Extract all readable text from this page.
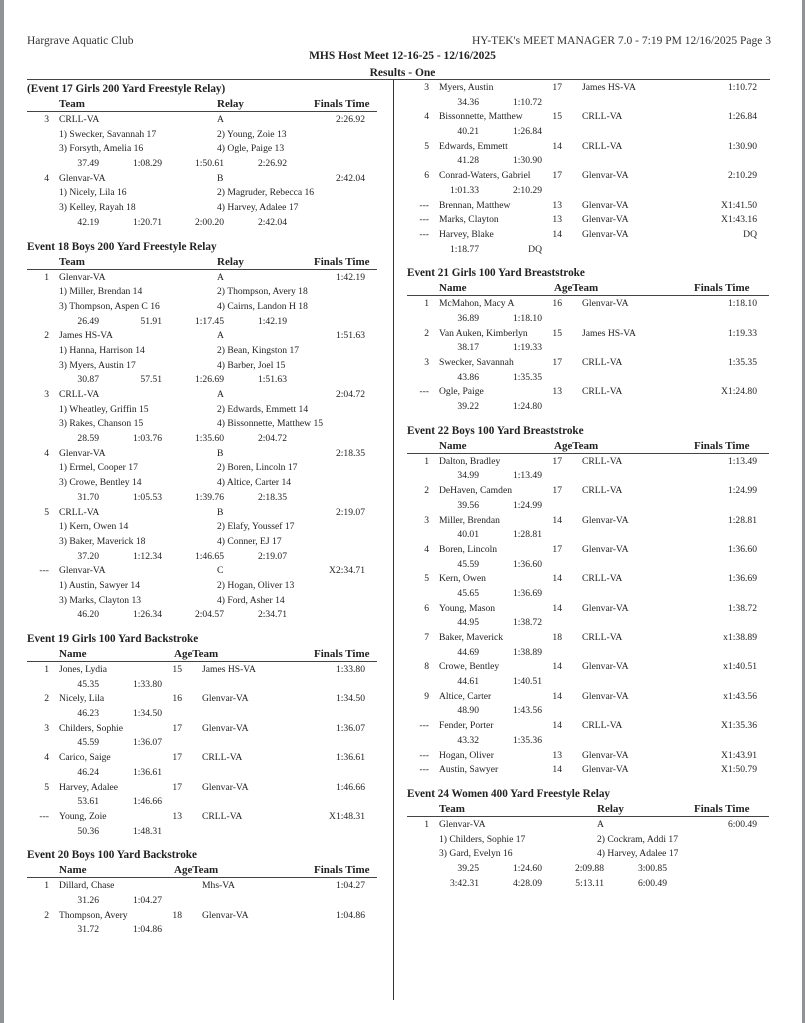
Hargrave Aquatic Club	HY-TEK's MEET MANAGER 7.0 - 7:19 PM 12/16/2025 Page 3
MHS Host Meet 12-16-25 - 12/16/2025
Results - One
(Event 17 Girls 200 Yard Freestyle Relay)
Team	Relay	Finals Time
3 CRLL-VA	A	2:26.92
1) Swecker, Savannah 17	2) Young, Zoie 13
3) Forsyth, Amelia 16	4) Ogle, Paige 13
37.49	1:08.29	1:50.61	2:26.92
4 Glenvar-VA	B	2:42.04
1) Nicely, Lila 16	2) Magruder, Rebecca 16
3) Kelley, Rayah 18	4) Harvey, Adalee 17
42.19	1:20.71	2:00.20	2:42.04
Event 18 Boys 200 Yard Freestyle Relay
Team	Relay	Finals Time
1 Glenvar-VA	A	1:42.19
1) Miller, Brendan 14	2) Thompson, Avery 18
3) Thompson, Aspen C 16	4) Cairns, Landon H 18
26.49	51.91	1:17.45	1:42.19
2 James HS-VA	A	1:51.63
1) Hanna, Harrison 14	2) Bean, Kingston 17
3) Myers, Austin 17	4) Barber, Joel 15
30.87	57.51	1:26.69	1:51.63
3 CRLL-VA	A	2:04.72
1) Wheatley, Griffin 15	2) Edwards, Emmett 14
3) Rakes, Chanson 15	4) Bissonnette, Matthew 15
28.59	1:03.76	1:35.60	2:04.72
4 Glenvar-VA	B	2:18.35
1) Ermel, Cooper 17	2) Boren, Lincoln 17
3) Crowe, Bentley 14	4) Altice, Carter 14
31.70	1:05.53	1:39.76	2:18.35
5 CRLL-VA	B	2:19.07
1) Kern, Owen 14	2) Elafy, Youssef 17
3) Baker, Maverick 18	4) Conner, EJ 17
37.20	1:12.34	1:46.65	2:19.07
--- Glenvar-VA	C	X2:34.71
1) Austin, Sawyer 14	2) Hogan, Oliver 13
3) Marks, Clayton 13	4) Ford, Asher 14
46.20	1:26.34	2:04.57	2:34.71
Event 19 Girls 100 Yard Backstroke
Name	AgeTeam	Finals Time
1 Jones, Lydia	15 James HS-VA	1:33.80
45.35	1:33.80
2 Nicely, Lila	16 Glenvar-VA	1:34.50
46.23	1:34.50
3 Childers, Sophie	17 Glenvar-VA	1:36.07
45.59	1:36.07
4 Carico, Saige	17 CRLL-VA	1:36.61
46.24	1:36.61
5 Harvey, Adalee	17 Glenvar-VA	1:46.66
53.61	1:46.66
--- Young, Zoie	13 CRLL-VA	X1:48.31
50.36	1:48.31
Event 20 Boys 100 Yard Backstroke
Name	AgeTeam	Finals Time
1 Dillard, Chase	Mhs-VA	1:04.27
31.26	1:04.27
2 Thompson, Avery	18 Glenvar-VA	1:04.86
31.72	1:04.86
3 Myers, Austin	17 James HS-VA	1:10.72
34.36	1:10.72
4 Bissonnette, Matthew	15 CRLL-VA	1:26.84
40.21	1:26.84
5 Edwards, Emmett	14 CRLL-VA	1:30.90
41.28	1:30.90
6 Conrad-Waters, Gabriel	17 Glenvar-VA	2:10.29
1:01.33	2:10.29
--- Brennan, Matthew	13 Glenvar-VA	X1:41.50
--- Marks, Clayton	13 Glenvar-VA	X1:43.16
--- Harvey, Blake	14 Glenvar-VA	DQ
1:18.77	DQ
Event 21 Girls 100 Yard Breaststroke
Name	AgeTeam	Finals Time
1 McMahon, Macy A	16 Glenvar-VA	1:18.10
36.89	1:18.10
2 Van Auken, Kimberlyn	15 James HS-VA	1:19.33
38.17	1:19.33
3 Swecker, Savannah	17 CRLL-VA	1:35.35
43.86	1:35.35
--- Ogle, Paige	13 CRLL-VA	X1:24.80
39.22	1:24.80
Event 22 Boys 100 Yard Breaststroke
Name	AgeTeam	Finals Time
1 Dalton, Bradley	17 CRLL-VA	1:13.49
34.99	1:13.49
2 DeHaven, Camden	17 CRLL-VA	1:24.99
39.56	1:24.99
3 Miller, Brendan	14 Glenvar-VA	1:28.81
40.01	1:28.81
4 Boren, Lincoln	17 Glenvar-VA	1:36.60
45.59	1:36.60
5 Kern, Owen	14 CRLL-VA	1:36.69
45.65	1:36.69
6 Young, Mason	14 Glenvar-VA	1:38.72
44.95	1:38.72
7 Baker, Maverick	18 CRLL-VA	x1:38.89
44.69	1:38.89
8 Crowe, Bentley	14 Glenvar-VA	x1:40.51
44.61	1:40.51
9 Altice, Carter	14 Glenvar-VA	x1:43.56
48.90	1:43.56
--- Fender, Porter	14 CRLL-VA	X1:35.36
43.32	1:35.36
--- Hogan, Oliver	13 Glenvar-VA	X1:43.91
--- Austin, Sawyer	14 Glenvar-VA	X1:50.79
Event 24 Women 400 Yard Freestyle Relay
Team	Relay	Finals Time
1 Glenvar-VA	A	6:00.49
1) Childers, Sophie 17	2) Cockram, Addi 17
3) Gard, Evelyn 16	4) Harvey, Adalee 17
39.25	1:24.60	2:09.88	3:00.85
3:42.31	4:28.09	5:13.11	6:00.49
